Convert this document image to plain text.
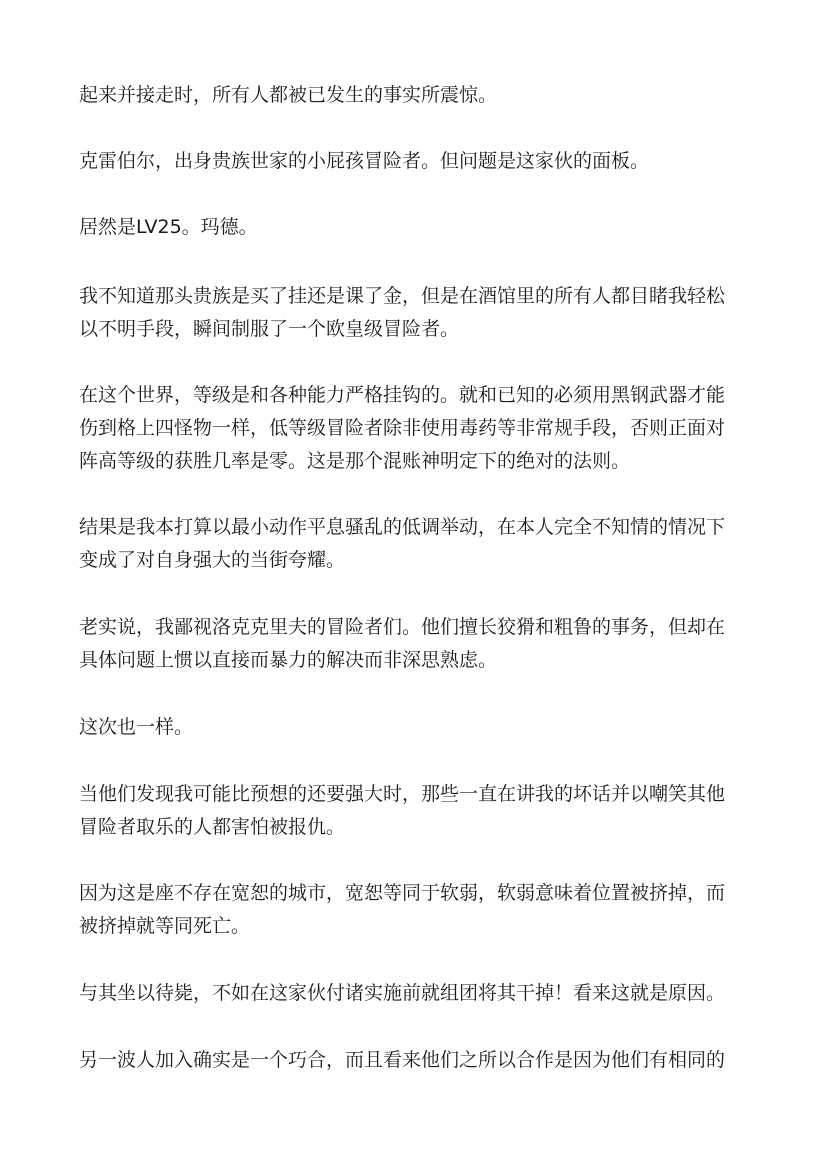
起来并接走时，所有人都被已发生的事实所震惊。

克雷伯尔，出身贵族世家的小屁孩冒险者。但问题是这家伙的面板。

居然是LV25。玛德。

我不知道那头贵族是买了挂还是课了金，但是在酒馆里的所有人都目睹我轻松
以不明手段，瞬间制服了一个欧皇级冒险者。

在这个世界，等级是和各种能力严格挂钩的。就和已知的必须用黑钢武器才能
伤到格上四怪物一样，低等级冒险者除非使用毒药等非常规手段，否则正面对
阵高等级的获胜几率是零。这是那个混账神明定下的绝对的法则。

结果是我本打算以最小动作平息骚乱的低调举动，在本人完全不知情的情况下
变成了对自身强大的当街夸耀。

老实说，我鄙视洛克克里夫的冒险者们。他们擅长狡猾和粗鲁的事务，但却在
具体问题上惯以直接而暴力的解决而非深思熟虑。

这次也一样。

当他们发现我可能比预想的还要强大时，那些一直在讲我的坏话并以嘲笑其他
冒险者取乐的人都害怕被报仇。

因为这是座不存在宽恕的城市，宽恕等同于软弱，软弱意味着位置被挤掉，而
被挤掉就等同死亡。

与其坐以待毙，不如在这家伙付诸实施前就组团将其干掉！看来这就是原因。

另一波人加入确实是一个巧合，而且看来他们之所以合作是因为他们有相同的
